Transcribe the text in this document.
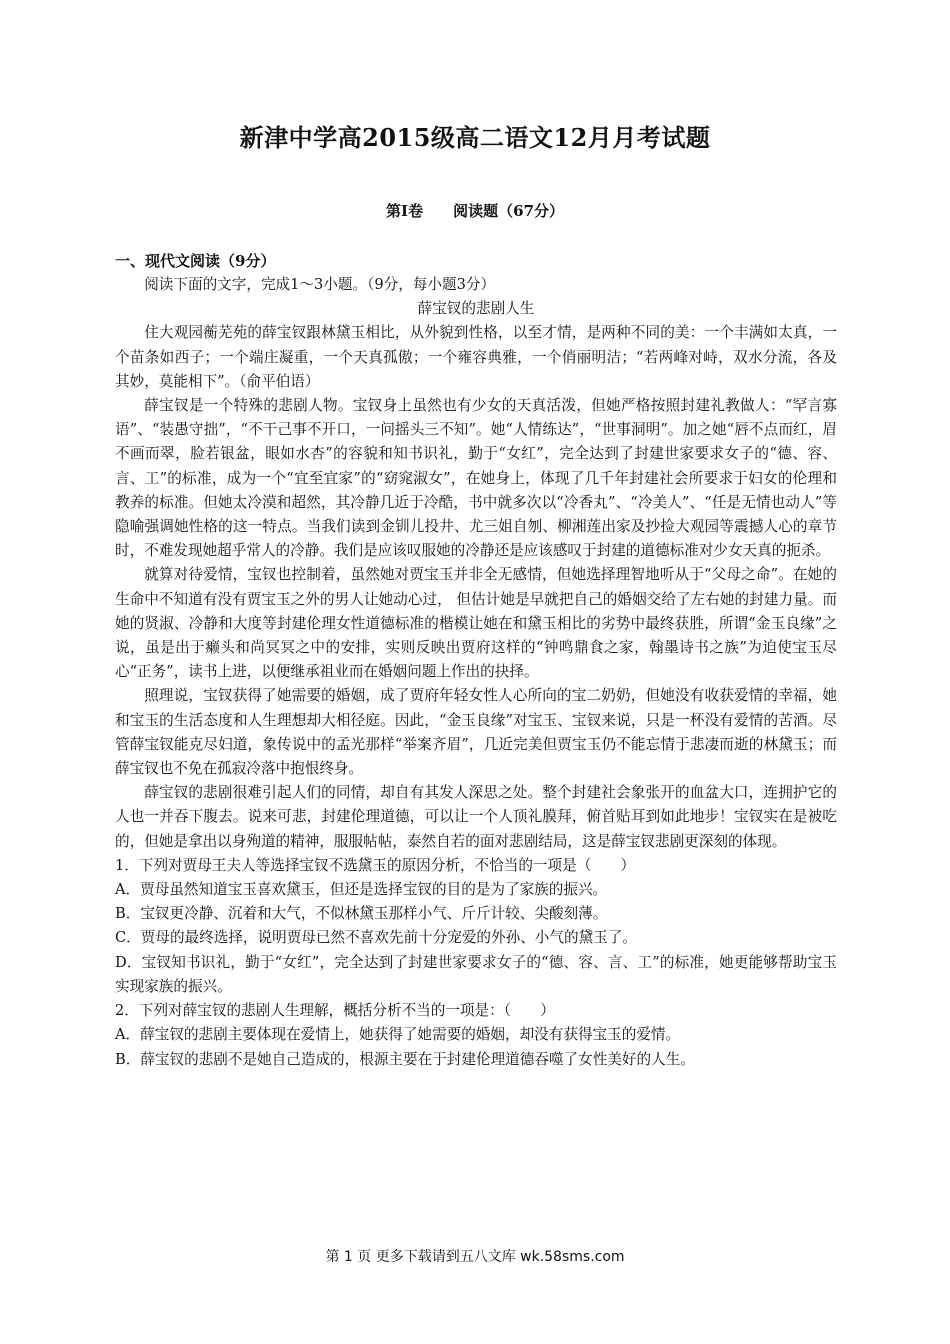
新津中学高2015级高二语文12月月考试题
第Ⅰ卷 阅读题（67分）
一、现代文阅读（9分）

阅读下面的文字，完成1～3小题。（9分，每小题3分）

薛宝钗的悲剧人生

住大观园蘅芜苑的薛宝钗跟林黛玉相比，从外貌到性格，以至才情，是两种不同的美：一个丰满如太真，一个苗条如西子；一个端庄凝重，一个天真孤傲；一个雍容典雅，一个俏丽明洁；“若两峰对峙，双水分流，各及其妙，莫能相下”。（俞平伯语）

薛宝钗是一个特殊的悲剧人物。宝钗身上虽然也有少女的天真活泼，但她严格按照封建礼教做人：“罕言寡语”、“装愚守拙”，“不干己事不开口，一问摇头三不知”。她“人情练达”，“世事洞明”。加之她“唇不点而红，眉不画而翠，脸若银盆，眼如水杏”的容貌和知书识礼，勤于“女红”，完全达到了封建世家要求女子的“德、容、言、工”的标准，成为一个“宜至宜家”的“窈窕淑女”，在她身上，体现了几千年封建社会所要求于妇女的伦理和教养的标准。但她太冷漠和超然，其冷静几近于冷酷，书中就多次以“冷香丸”、“冷美人”、“任是无情也动人”等隐喻强调她性格的这一特点。当我们读到金钏儿投井、尤三姐自刎、柳湘莲出家及抄捡大观园等震撼人心的章节时，不难发现她超乎常人的冷静。我们是应该叹服她的冷静还是应该感叹于封建的道德标准对少女天真的扼杀。

就算对待爱情，宝钗也控制着，虽然她对贾宝玉并非全无感情，但她选择理智地听从于“父母之命”。在她的生命中不知道有没有贾宝玉之外的男人让她动心过， 但估计她是早就把自己的婚姻交给了左右她的封建力量。而她的贤淑、冷静和大度等封建伦理女性道德标准的楷模让她在和黛玉相比的劣势中最终获胜，所谓“金玉良缘”之说，虽是出于癞头和尚冥冥之中的安排，实则反映出贾府这样的“钟鸣鼎食之家，翰墨诗书之族”为迫使宝玉尽心“正务”，读书上进，以便继承祖业而在婚姻问题上作出的抉择。

照理说，宝钗获得了她需要的婚姻，成了贾府年轻女性人心所向的宝二奶奶，但她没有收获爱情的幸福，她和宝玉的生活态度和人生理想却大相径庭。因此，“金玉良缘”对宝玉、宝钗来说，只是一杯没有爱情的苦酒。尽管薛宝钗能克尽妇道，象传说中的孟光那样“举案齐眉”，几近完美但贾宝玉仍不能忘情于悲凄而逝的林黛玉；而薛宝钗也不免在孤寂冷落中抱恨终身。

薛宝钗的悲剧很难引起人们的同情，却自有其发人深思之处。整个封建社会象张开的血盆大口，连拥护它的人也一并吞下腹去。说来可悲，封建伦理道德，可以让一个人顶礼膜拜，俯首贴耳到如此地步！宝钗实在是被吃的，但她是拿出以身殉道的精神，服服帖帖，泰然自若的面对悲剧结局，这是薛宝钗悲剧更深刻的体现。

1．下列对贾母王夫人等选择宝钗不选黛玉的原因分析，不恰当的一项是（　　）

A．贾母虽然知道宝玉喜欢黛玉，但还是选择宝钗的目的是为了家族的振兴。

B．宝钗更冷静、沉着和大气，不似林黛玉那样小气、斤斤计较、尖酸刻薄。

C．贾母的最终选择，说明贾母已然不喜欢先前十分宠爱的外孙、小气的黛玉了。

D．宝钗知书识礼，勤于“女红”，完全达到了封建世家要求女子的“德、容、言、工”的标准，她更能够帮助宝玉实现家族的振兴。

2．下列对薛宝钗的悲剧人生理解，概括分析不当的一项是：（　　）

A．薛宝钗的悲剧主要体现在爱情上，她获得了她需要的婚姻，却没有获得宝玉的爱情。

B．薛宝钗的悲剧不是她自己造成的，根源主要在于封建伦理道德吞噬了女性美好的人生。

第 1 页 更多下载请到五八文库 wk.58sms.com
